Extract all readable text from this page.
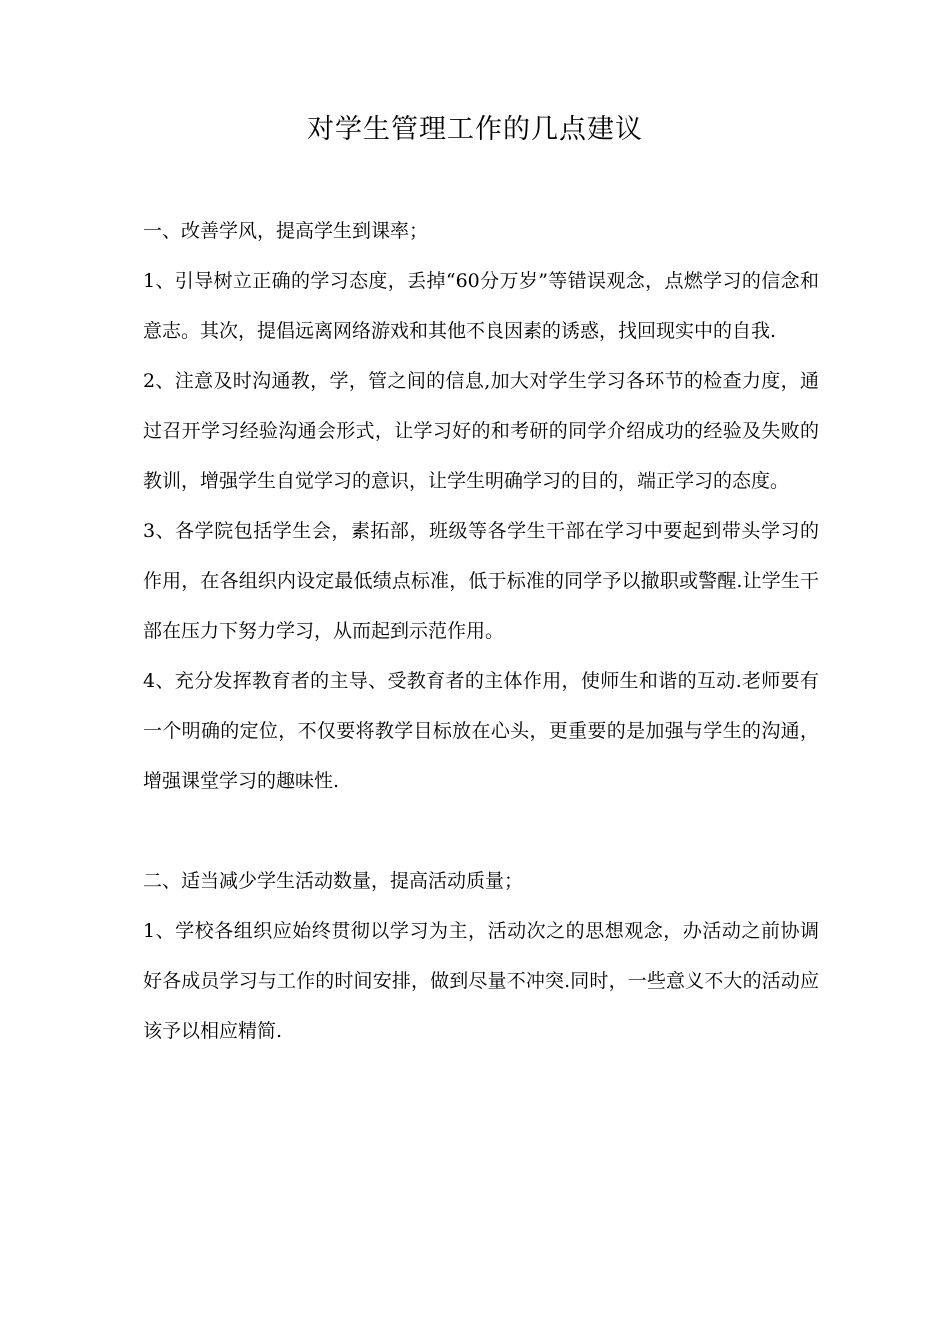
对学生管理工作的几点建议
一、改善学风，提高学生到课率；

1、引导树立正确的学习态度，丢掉“60分万岁”等错误观念，点燃学习的信念和意志。其次，提倡远离网络游戏和其他不良因素的诱惑，找回现实中的自我.

2、注意及时沟通教，学，管之间的信息,加大对学生学习各环节的检查力度，通过召开学习经验沟通会形式，让学习好的和考研的同学介绍成功的经验及失败的教训，增强学生自觉学习的意识，让学生明确学习的目的，端正学习的态度。

3、各学院包括学生会，素拓部，班级等各学生干部在学习中要起到带头学习的作用，在各组织内设定最低绩点标准，低于标准的同学予以撤职或警醒.让学生干部在压力下努力学习，从而起到示范作用。

4、充分发挥教育者的主导、受教育者的主体作用，使师生和谐的互动.老师要有一个明确的定位，不仅要将教学目标放在心头，更重要的是加强与学生的沟通，增强课堂学习的趣味性.

二、适当减少学生活动数量，提高活动质量；

1、学校各组织应始终贯彻以学习为主，活动次之的思想观念，办活动之前协调好各成员学习与工作的时间安排，做到尽量不冲突.同时，一些意义不大的活动应该予以相应精简.
